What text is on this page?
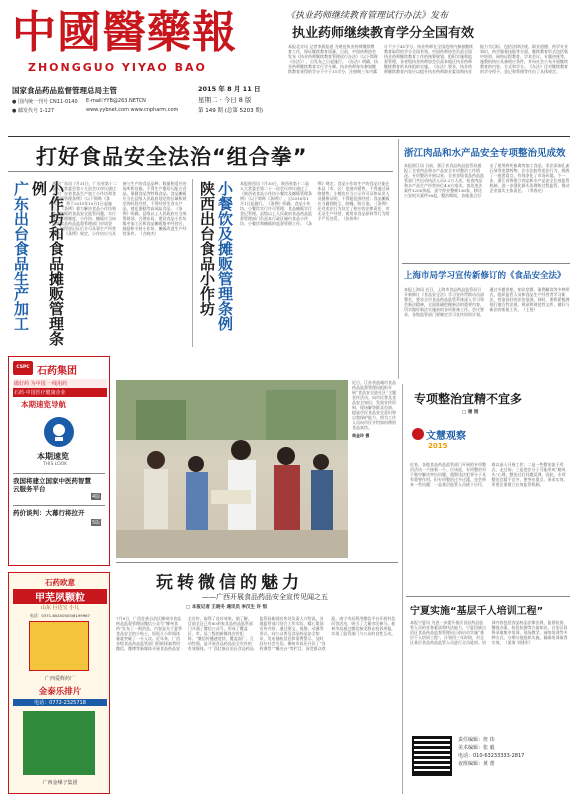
中國醫藥報
ZHONGGUO YIYAO BAO
国家食品药品监督管理总局主管
● 国内统一刊号 CN11-0140 E-mail:YYB@263.NETCN
● 邮发代号 1-127	www.yybnet.com www.cnpharm.com
2015 年 8 月 11 日
星期二 · 今日 8 版
第 149 期 (总第 5203 期)
《执业药师继续教育管理试行办法》发布
执业药师继续教育学分全国有效
本报北京讯 记者李燕报道 为规范执业药师继续教育工作，保证继续教育质量，日前，中国药师协会发布《执业药师继续教育管理试行办法》（以下简称《办法》），自发布之日起施行。《办法》明确，执业药师继续教育实行学分制，执业药师每年参加继续教育获得的学分不少于15学分，注册期三年内累计不少于45学分。执业药师在全国范围内参加继续教育取得的学分全国有效。中国药师协会负责全国执业药师继续教育工作的统筹规划、组织实施和监督管理，各省级执业药师协会负责本地区执业药师继续教育的具体组织实施。《办法》要求，执业药师继续教育内容应以提升执业药师职业素质和执业能力为目标，包括法律法规、职业道德、药学专业知识、药学服务技能等方面。继续教育形式包括集中培训、网络远程教育、学术会议、专题讲座等，施教机构应具备相应条件，并向社会公布开展继续教育的内容、方式和学分。《办法》还对继续教育的学分授予、登记和管理等作出了具体规定。
打好食品安全法治“组合拳”
广东出台食品生产加工	小作坊和食品摊贩管理条例	本报广东讯 7月31日，广东省第十二届人大常委会第十九次会议审议通过了《广东省食品生产加工小作坊和食品摊贩管理条例》（以下简称《条例》），将于2015年10月1日起施行。《条例》着力解决食品小作坊和食品摊贩的食品安全监管问题，实行登记管理制度，小作坊、摊贩应当向县级食品药品监督管理部门申请登记，取得登记证后方可从事生产经营活动。《条例》规定，小作坊应当具备与生产的食品品种、数量相适应的场所和设施，不得生产婴幼儿配方食品、保健食品等特殊食品。食品摊贩应当在县级人民政府划定的区域和规定的时段经营，不得经营生食水产品、裱花蛋糕等高风险食品。《条例》明确，县级以上人民政府应当统筹规划、合理布局，建设食品小作坊集中加工区和食品摊贩集中经营区，鼓励和支持小作坊、摊贩改进生产经营条件。（吉晓杰）	陕西出台食品小作坊 小餐饮及摊贩管理条例 本报陕西讯 7月30日，陕西省第十二届人大常委会第二十一次会议审议通过了《陕西省食品小作坊小餐饮及摊贩管理条例》（以下简称《条例》），自2016年1月1日起施行。《条例》明确，食品小作坊、小餐饮实行许可管理，食品摊贩实行登记管理。县级以上人民政府食品药品监督管理部门负责本行政区域内食品小作坊、小餐饮和摊贩的监督管理工作。《条例》规定，食品小作坊生产的食品只能在本县（市、区）范围内销售，不得通过网络销售；小餐饮应当公示许可证和从业人员健康证明，不得超范围经营；食品摊贩应当做到防尘、防蝇、防污染。《条例》还对违法行为设定了相应的法律责任，对无证生产经营、使用非食品原料等行为给予严厉处罚。（张伟华）
浙江肉品和水产品安全专项整治见成效
本报浙江讯 日前，浙江省食品药品监管局通报了全省肉品和水产品安全专项整治工作情况。专项整治开展以来，全省各级食品药品监管部门共出动执法人员3.2万人次，检查肉品和水产品生产经营单位4.6万家次，查处违法案件1200余起，责令停业整顿136家，移送公安机关案件58起。整治期间，各地重点打击了使用病死畜禽肉加工食品、非法添加孔雀石绿等违禁药物、注水注胶等违法行为，捣毁了一批黑窝点，有效净化了市场环境。下一步，浙江省将建立肉品和水产品安全长效监管机制，进一步强化源头治理和过程监管，推动企业落实主体责任。（李春光）
上海市局学习宣传新修订的《食品安全法》
本报上海讯 近日，上海市食品药品监管局召开新修订《食品安全法》学习宣传贯彻动员部署会，要求全市食品药品监管系统深入学习领会新法精神，全面准确把握新法的重要内容，切实做好新法实施前的各项准备工作。会议要求，各级监管部门要制定学习宣传培训计划，通过专题讲座、知识竞赛、案例解读等多种形式，组织监管人员和食品生产经营者学习新法，营造良好的法治氛围。同时，要抓紧梳理现行地方性法规、规章和规范性文件，做好与新法的衔接工作。（王坚）
CSPC 石药集团
做好药 为中国 一线用药
石药·中国医疗健康企业
本期速览导航
本期速览
THIS LOOK
我国将建立国家中医药智慧云服务平台
4版
药价谈判：大幕行将拉开
5版
近日，江苏省盐城市食品药品监督管理局组织开展“食品安全进社区”主题宣传活动，向市民普及食品安全知识，发放宣传资料，现场解答群众咨询，提高市民食品安全意识和自我保护能力。图为工作人员向市民介绍如何辨别食品真伪。
周金玲 摄
玩转微信的魅力
——广西开展食品药品安全宣传见闻之五
□ 本报记者 王晓冬 通讯员 李汉生 许 恒
7月8日，广西壮族自治区柳州市食品药品监督管理局微信公众号“柳州食药”发布了一则消息，内容是关于夏季食品安全的小贴士，短短几小时阅读量就突破了一万人次。近年来，广西各级食品药品监管部门积极探索利用微信、微博等新媒体开展食品药品安全宣传，取得了良好效果。据了解，目前全区已有80余家食品药品监管部门开通了微信公众号，形成了覆盖区、市、县三级的新媒体宣传矩阵。“微信传播速度快、覆盖面广、互动性强，是开展食品药品安全宣传的有效载体。”广西壮族自治区食品药品监管局新闻宣传处负责人介绍说。各地监管部门结合工作实际，精心策划宣传内容，通过图文、视频、动漫等形式，向公众普及食品药品安全知识，发布抽检信息和消费警示，及时回应社会关切。柳州市局还开设了“食药课堂”“曝光台”等栏目，深受群众欢迎。南宁市局利用微信平台开展有奖问答活动，吸引了大量市民参与。桂林市局通过微信接受群众投诉举报，实现了监管部门与公众的良性互动。
石药欧意
甲芜夙颗粒
山东 巨达宝 小儿
电话：0371-60450505/6199967
广西爱辉药厂
金泰乐排片
电话：0772-2325718
广西金嗓子集团
专项整治宜精不宜多
□ 谢 刚
文慧观察
2015
近来，各地食品药品监管部门开展的专项整治活动一个接着一个。应该说，专项整治对于集中解决突出问题、震慑违法犯罪分子具有重要作用。但专项整治过多过滥，也会带来一些问题：一是基层监管人员疲于应付，难以深入开展工作；二是一些整治流于形式，走过场；三是违法分子可能形成“避风头”心理，整治过后问题反弹。因此，专项整治宜精不宜多，要突出重点，务求实效，更要注重建立长效监管机制。
宁夏实施“基层千人培训工程”
本报宁夏讯 为进一步提升基层食品药品监管人员的业务素质和执法能力，宁夏回族自治区食品药品监督管理局日前启动实施“基层千人培训工程”，计划用三年时间，对全区基层食品药品监管人员进行全员轮训。培训内容包括食品药品法律法规、监督检查、稽查办案、检验检测等方面知识。自治区局将采取集中培训、现场教学、网络培训等多种方式，分期分批组织实施，确保培训取得实效。（姜海 刘建军）
责任编辑：詹 玮
美术编辑：张 毅
电话：010-63233333-2817
夜班编辑：黄 蕾
